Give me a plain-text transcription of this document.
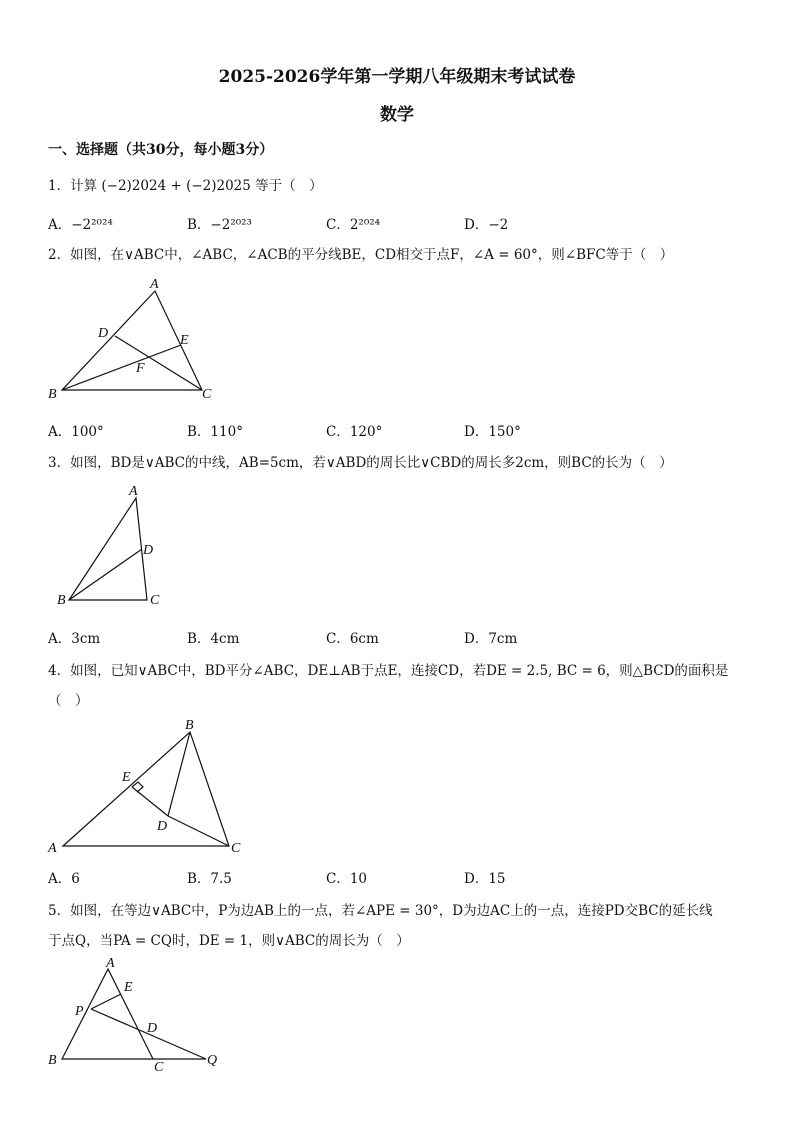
2025-2026学年第一学期八年级期末考试试卷
数学
一、选择题（共30分，每小题3分）
1．计算 (−2)2024 + (−2)2025 等于（　）
A．−2²⁰²⁴	B．−2²⁰²³	C．2²⁰²⁴	D．−2
2．如图，在∨ABC中，∠ABC，∠ACB的平分线BE，CD相交于点F，∠A = 60°，则∠BFC等于（　）
A
D	E
F
B	C
A．100°	B．110°	C．120°	D．150°
3．如图，BD是∨ABC的中线，AB=5cm，若∨ABD的周长比∨CBD的周长多2cm，则BC的长为（　）
A
D
B	C
A．3cm	B．4cm	C．6cm	D．7cm
4．如图，已知∨ABC中，BD平分∠ABC，DE⊥AB于点E，连接CD，若DE = 2.5, BC = 6，则△BCD的面积是
（　）
B
E
D
A	C
A．6	B．7.5	C．10	D．15
5．如图，在等边∨ABC中，P为边AB上的一点，若∠APE = 30°，D为边AC上的一点，连接PD交BC的延长线
于点Q，当PA = CQ时，DE = 1，则∨ABC的周长为（　）
A
E
P
D
B	C	Q
